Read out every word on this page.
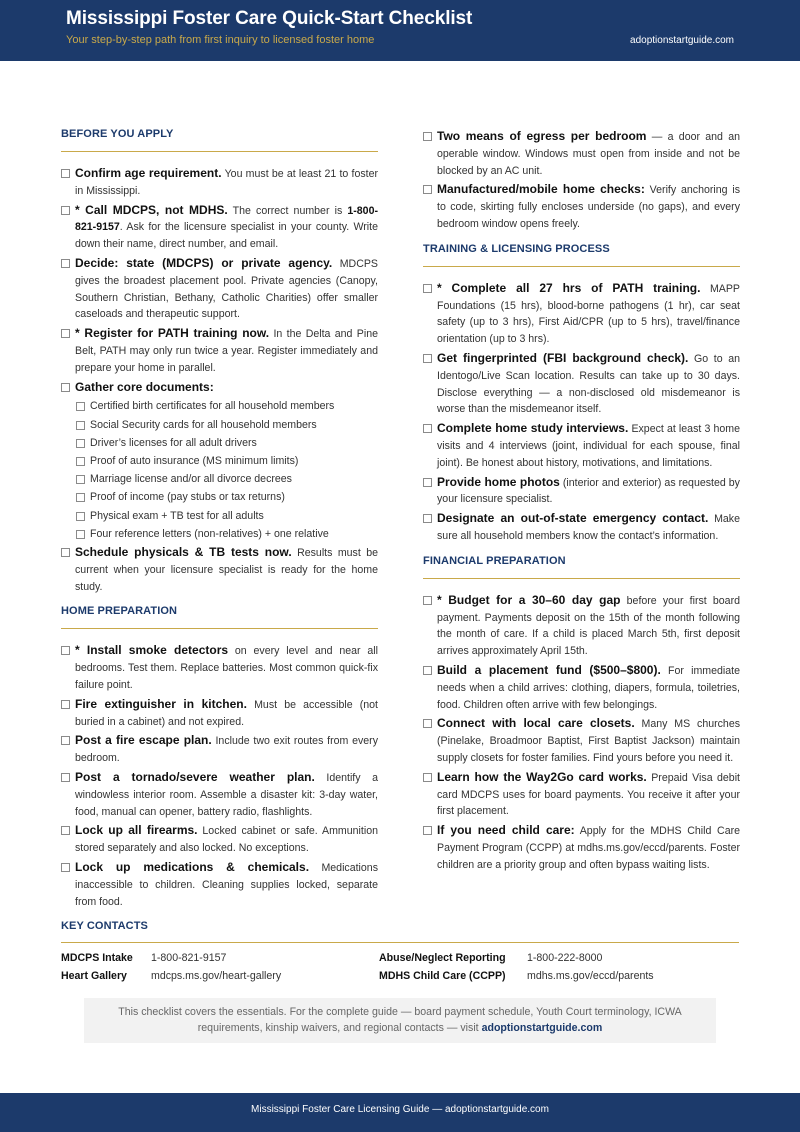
Mississippi Foster Care Quick-Start Checklist
Your step-by-step path from first inquiry to licensed foster home	adoptionstartguide.com
BEFORE YOU APPLY
Confirm age requirement. You must be at least 21 to foster in Mississippi.
* Call MDCPS, not MDHS. The correct number is 1-800-821-9157. Ask for the licensure specialist in your county. Write down their name, direct number, and email.
Decide: state (MDCPS) or private agency. MDCPS gives the broadest placement pool. Private agencies (Canopy, Southern Christian, Bethany, Catholic Charities) offer smaller caseloads and therapeutic support.
* Register for PATH training now. In the Delta and Pine Belt, PATH may only run twice a year. Register immediately and prepare your home in parallel.
Gather core documents:
Certified birth certificates for all household members
Social Security cards for all household members
Driver’s licenses for all adult drivers
Proof of auto insurance (MS minimum limits)
Marriage license and/or all divorce decrees
Proof of income (pay stubs or tax returns)
Physical exam + TB test for all adults
Four reference letters (non-relatives) + one relative
Schedule physicals & TB tests now. Results must be current when your licensure specialist is ready for the home study.
HOME PREPARATION
* Install smoke detectors on every level and near all bedrooms. Test them. Replace batteries. Most common quick-fix failure point.
Fire extinguisher in kitchen. Must be accessible (not buried in a cabinet) and not expired.
Post a fire escape plan. Include two exit routes from every bedroom.
Post a tornado/severe weather plan. Identify a windowless interior room. Assemble a disaster kit: 3-day water, food, manual can opener, battery radio, flashlights.
Lock up all firearms. Locked cabinet or safe. Ammunition stored separately and also locked. No exceptions.
Lock up medications & chemicals. Medications inaccessible to children. Cleaning supplies locked, separate from food.
Two means of egress per bedroom — a door and an operable window. Windows must open from inside and not be blocked by an AC unit.
Manufactured/mobile home checks: Verify anchoring is to code, skirting fully encloses underside (no gaps), and every bedroom window opens freely.
TRAINING & LICENSING PROCESS
* Complete all 27 hrs of PATH training. MAPP Foundations (15 hrs), blood-borne pathogens (1 hr), car seat safety (up to 3 hrs), First Aid/CPR (up to 5 hrs), travel/finance orientation (up to 3 hrs).
Get fingerprinted (FBI background check). Go to an Identogo/Live Scan location. Results can take up to 30 days. Disclose everything — a non-disclosed old misdemeanor is worse than the misdemeanor itself.
Complete home study interviews. Expect at least 3 home visits and 4 interviews (joint, individual for each spouse, final joint). Be honest about history, motivations, and limitations.
Provide home photos (interior and exterior) as requested by your licensure specialist.
Designate an out-of-state emergency contact. Make sure all household members know the contact’s information.
FINANCIAL PREPARATION
* Budget for a 30–60 day gap before your first board payment. Payments deposit on the 15th of the month following the month of care. If a child is placed March 5th, first deposit arrives approximately April 15th.
Build a placement fund ($500–$800). For immediate needs when a child arrives: clothing, diapers, formula, toiletries, food. Children often arrive with few belongings.
Connect with local care closets. Many MS churches (Pinelake, Broadmoor Baptist, First Baptist Jackson) maintain supply closets for foster families. Find yours before you need it.
Learn how the Way2Go card works. Prepaid Visa debit card MDCPS uses for board payments. You receive it after your first placement.
If you need child care: Apply for the MDHS Child Care Payment Program (CCPP) at mdhs.ms.gov/eccd/parents. Foster children are a priority group and often bypass waiting lists.
KEY CONTACTS
MDCPS Intake 1-800-821-9157	Abuse/Neglect Reporting 1-800-222-8000
Heart Gallery mdcps.ms.gov/heart-gallery	MDHS Child Care (CCPP) mdhs.ms.gov/eccd/parents
This checklist covers the essentials. For the complete guide — board payment schedule, Youth Court terminology, ICWA
requirements, kinship waivers, and regional contacts — visit adoptionstartguide.com
Mississippi Foster Care Licensing Guide — adoptionstartguide.com
